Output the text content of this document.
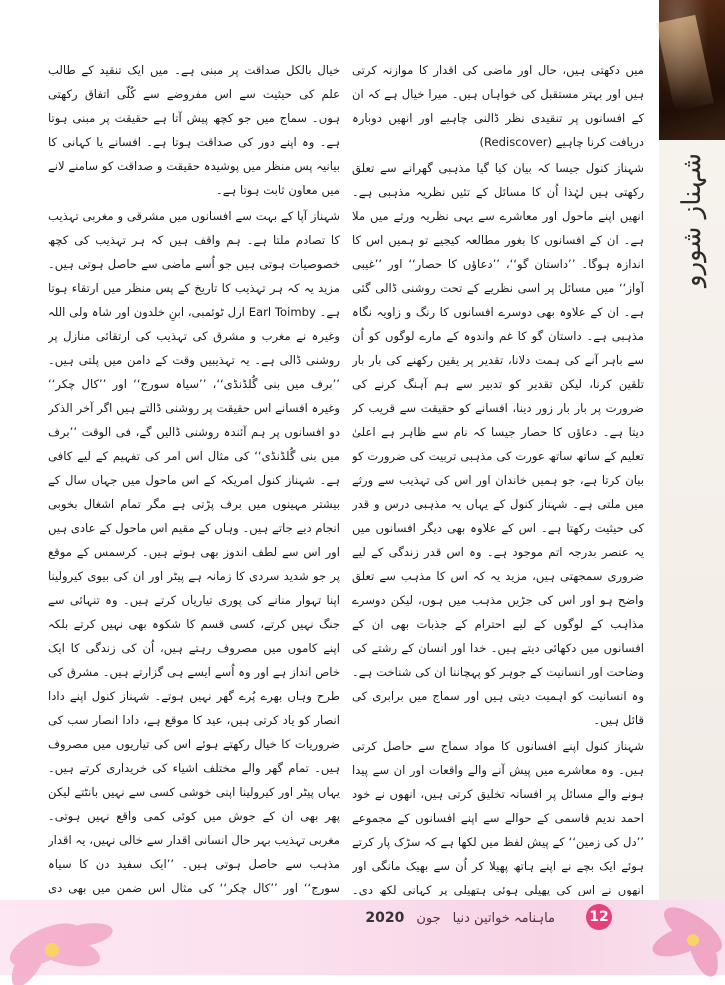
شہناز شورو

میں دکھتی ہیں، حال اور ماضی کی اقدار کا موازنہ کرتی ہیں اور بہتر مستقبل کی خواہاں ہیں۔ میرا خیال ہے کہ ان کے افسانوں پر تنقیدی نظر ڈالنی چاہیے اور انھیں دوبارہ دریافت کرنا چاہیے (Rediscover)

شہناز کنول جیسا کہ بیان کیا گیا مذہبی گھرانے سے تعلق رکھتی ہیں لہٰذا اُن کا مسائل کے تئیں نظریہ مذہبی ہے۔ انھیں اپنے ماحول اور معاشرے سے یہی نظریہ ورثے میں ملا ہے۔ ان کے افسانوں کا بغور مطالعہ کیجیے تو ہمیں اس کا اندازہ ہوگا۔ ’’داستان گو‘‘، ’’دعاؤں کا حصار‘‘ اور ’’غیبی آواز‘‘ میں مسائل پر اسی نظریے کے تحت روشنی ڈالی گئی ہے۔ ان کے علاوہ بھی دوسرے افسانوں کا رنگ و زاویہ نگاہ مذہبی ہے۔ داستان گو کا غم واندوہ کے مارے لوگوں کو اُن سے باہر آنے کی ہمت دلانا، تقدیر پر یقین رکھنے کی بار بار تلقین کرنا، لیکن تقدیر کو تدبیر سے ہم آہنگ کرنے کی ضرورت پر بار بار زور دینا، افسانے کو حقیقت سے قریب کر دیتا ہے۔ دعاؤں کا حصار جیسا کہ نام سے ظاہر ہے اعلیٰ تعلیم کے ساتھ ساتھ عورت کی مذہبی تربیت کی ضرورت کو بیان کرتا ہے، جو ہمیں خاندان اور اس کی تہذیب سے ورثے میں ملتی ہے۔ شہناز کنول کے یہاں یہ مذہبی درس و قدر کی حیثیت رکھتا ہے۔ اس کے علاوہ بھی دیگر افسانوں میں یہ عنصر بدرجہ اتم موجود ہے۔ وہ اس قدر زندگی کے لیے ضروری سمجھتی ہیں، مزید یہ کہ اس کا مذہب سے تعلق واضح ہو اور اس کی جڑیں مذہب میں ہوں، لیکن دوسرے مذاہب کے لوگوں کے لیے احترام کے جذبات بھی ان کے افسانوں میں دکھائی دیتے ہیں۔ خدا اور انسان کے رشتے کی وضاحت اور انسانیت کے جوہر کو پہچاننا ان کی شناخت ہے۔ وہ انسانیت کو اہمیت دیتی ہیں اور سماج میں برابری کی قائل ہیں۔

شہناز کنول اپنے افسانوں کا مواد سماج سے حاصل کرتی ہیں۔ وہ معاشرے میں پیش آنے والے واقعات اور ان سے پیدا ہونے والے مسائل پر افسانہ تخلیق کرتی ہیں، انھوں نے خود احمد ندیم قاسمی کے حوالے سے اپنے افسانوں کے مجموعے ’’دل کی زمین‘‘ کے پیش لفظ میں لکھا ہے کہ سڑک پار کرتے ہوئے ایک بچے نے اپنے ہاتھ پھیلا کر اُن سے بھیک مانگی اور انھوں نے اس کی پھیلی ہوئی ہتھیلی پر کہانی لکھ دی۔

خیال بالکل صداقت پر مبنی ہے۔ میں ایک تنقید کے طالب علم کی حیثیت سے اس مفروضے سے کُلّی اتفاق رکھتی ہوں۔ سماج میں جو کچھ پیش آتا ہے حقیقت پر مبنی ہوتا ہے۔ وہ اپنے دور کی صداقت ہوتا ہے۔ افسانے یا کہانی کا بیانیہ پس منظر میں پوشیدہ حقیقت و صداقت کو سامنے لانے میں معاون ثابت ہوتا ہے۔

شہناز آپا کے بہت سے افسانوں میں مشرقی و مغربی تہذیب کا تصادم ملتا ہے۔ ہم واقف ہیں کہ ہر تہذیب کی کچھ خصوصیات ہوتی ہیں جو اُسے ماضی سے حاصل ہوتی ہیں۔ مزید یہ کہ ہر تہذیب کا تاریخ کے پس منظر میں ارتقاء ہوتا ہے۔ Earl Toimby ارل ٹوئمبی، ابنِ خلدون اور شاہ ولی اللہ وغیرہ نے مغرب و مشرق کی تہذیب کی ارتقائی منازل پر روشنی ڈالی ہے۔ یہ تہذیبیں وقت کے دامن میں پلتی ہیں۔ ’’برف میں بنی گُلڈنڈی‘‘، ’’سیاہ سورج‘‘ اور ’’کال چکر‘‘ وغیرہ افسانے اس حقیقت پر روشنی ڈالتے ہیں اگر آخر الذکر دو افسانوں پر ہم آئندہ روشنی ڈالیں گے، فی الوقت ’’برف میں بنی گُلڈنڈی‘‘ کی مثال اس امر کی تفہیم کے لیے کافی ہے۔ شہناز کنول امریکہ کے اس ماحول میں جہاں سال کے بیشتر مہینوں میں برف پڑتی ہے مگر تمام اشغال بخوبی انجام دیے جاتے ہیں۔ وہاں کے مقیم اس ماحول کے عادی ہیں اور اس سے لطف اندوز بھی ہوتے ہیں۔ کرسمس کے موقع پر جو شدید سردی کا زمانہ ہے پیٹر اور ان کی بیوی کیرولینا اپنا تہوار منانے کی پوری تیاریاں کرتے ہیں۔ وہ تنہائی سے جنگ نہیں کرتے، کسی قسم کا شکوہ بھی نہیں کرتے بلکہ اپنے کاموں میں مصروف رہتے ہیں، اُن کی زندگی کا ایک خاص انداز ہے اور وہ اُسے ایسے ہی گزارتے ہیں۔ مشرق کی طرح وہاں بھرے پُرے گھر نہیں ہوتے۔ شہناز کنول اپنے دادا انصار کو یاد کرتی ہیں، عید کا موقع ہے، دادا انصار سب کی ضروریات کا خیال رکھتے ہوئے اس کی تیاریوں میں مصروف ہیں۔ تمام گھر والے مختلف اشیاء کی خریداری کرتے ہیں۔ یہاں پیٹر اور کیرولینا اپنی خوشی کسی سے نہیں بانٹتے لیکن پھر بھی ان کے جوش میں کوئی کمی واقع نہیں ہوتی۔ مغربی تہذیب بہر حال انسانی اقدار سے خالی نہیں، یہ اقدار مذہب سے حاصل ہوتی ہیں۔ ’’ایک سفید دن کا سیاہ سورج‘‘ اور ’’کال چکر‘‘ کی مثال اس ضمن میں بھی دی

ماہنامہ خواتین دنیا
جون
2020	12
